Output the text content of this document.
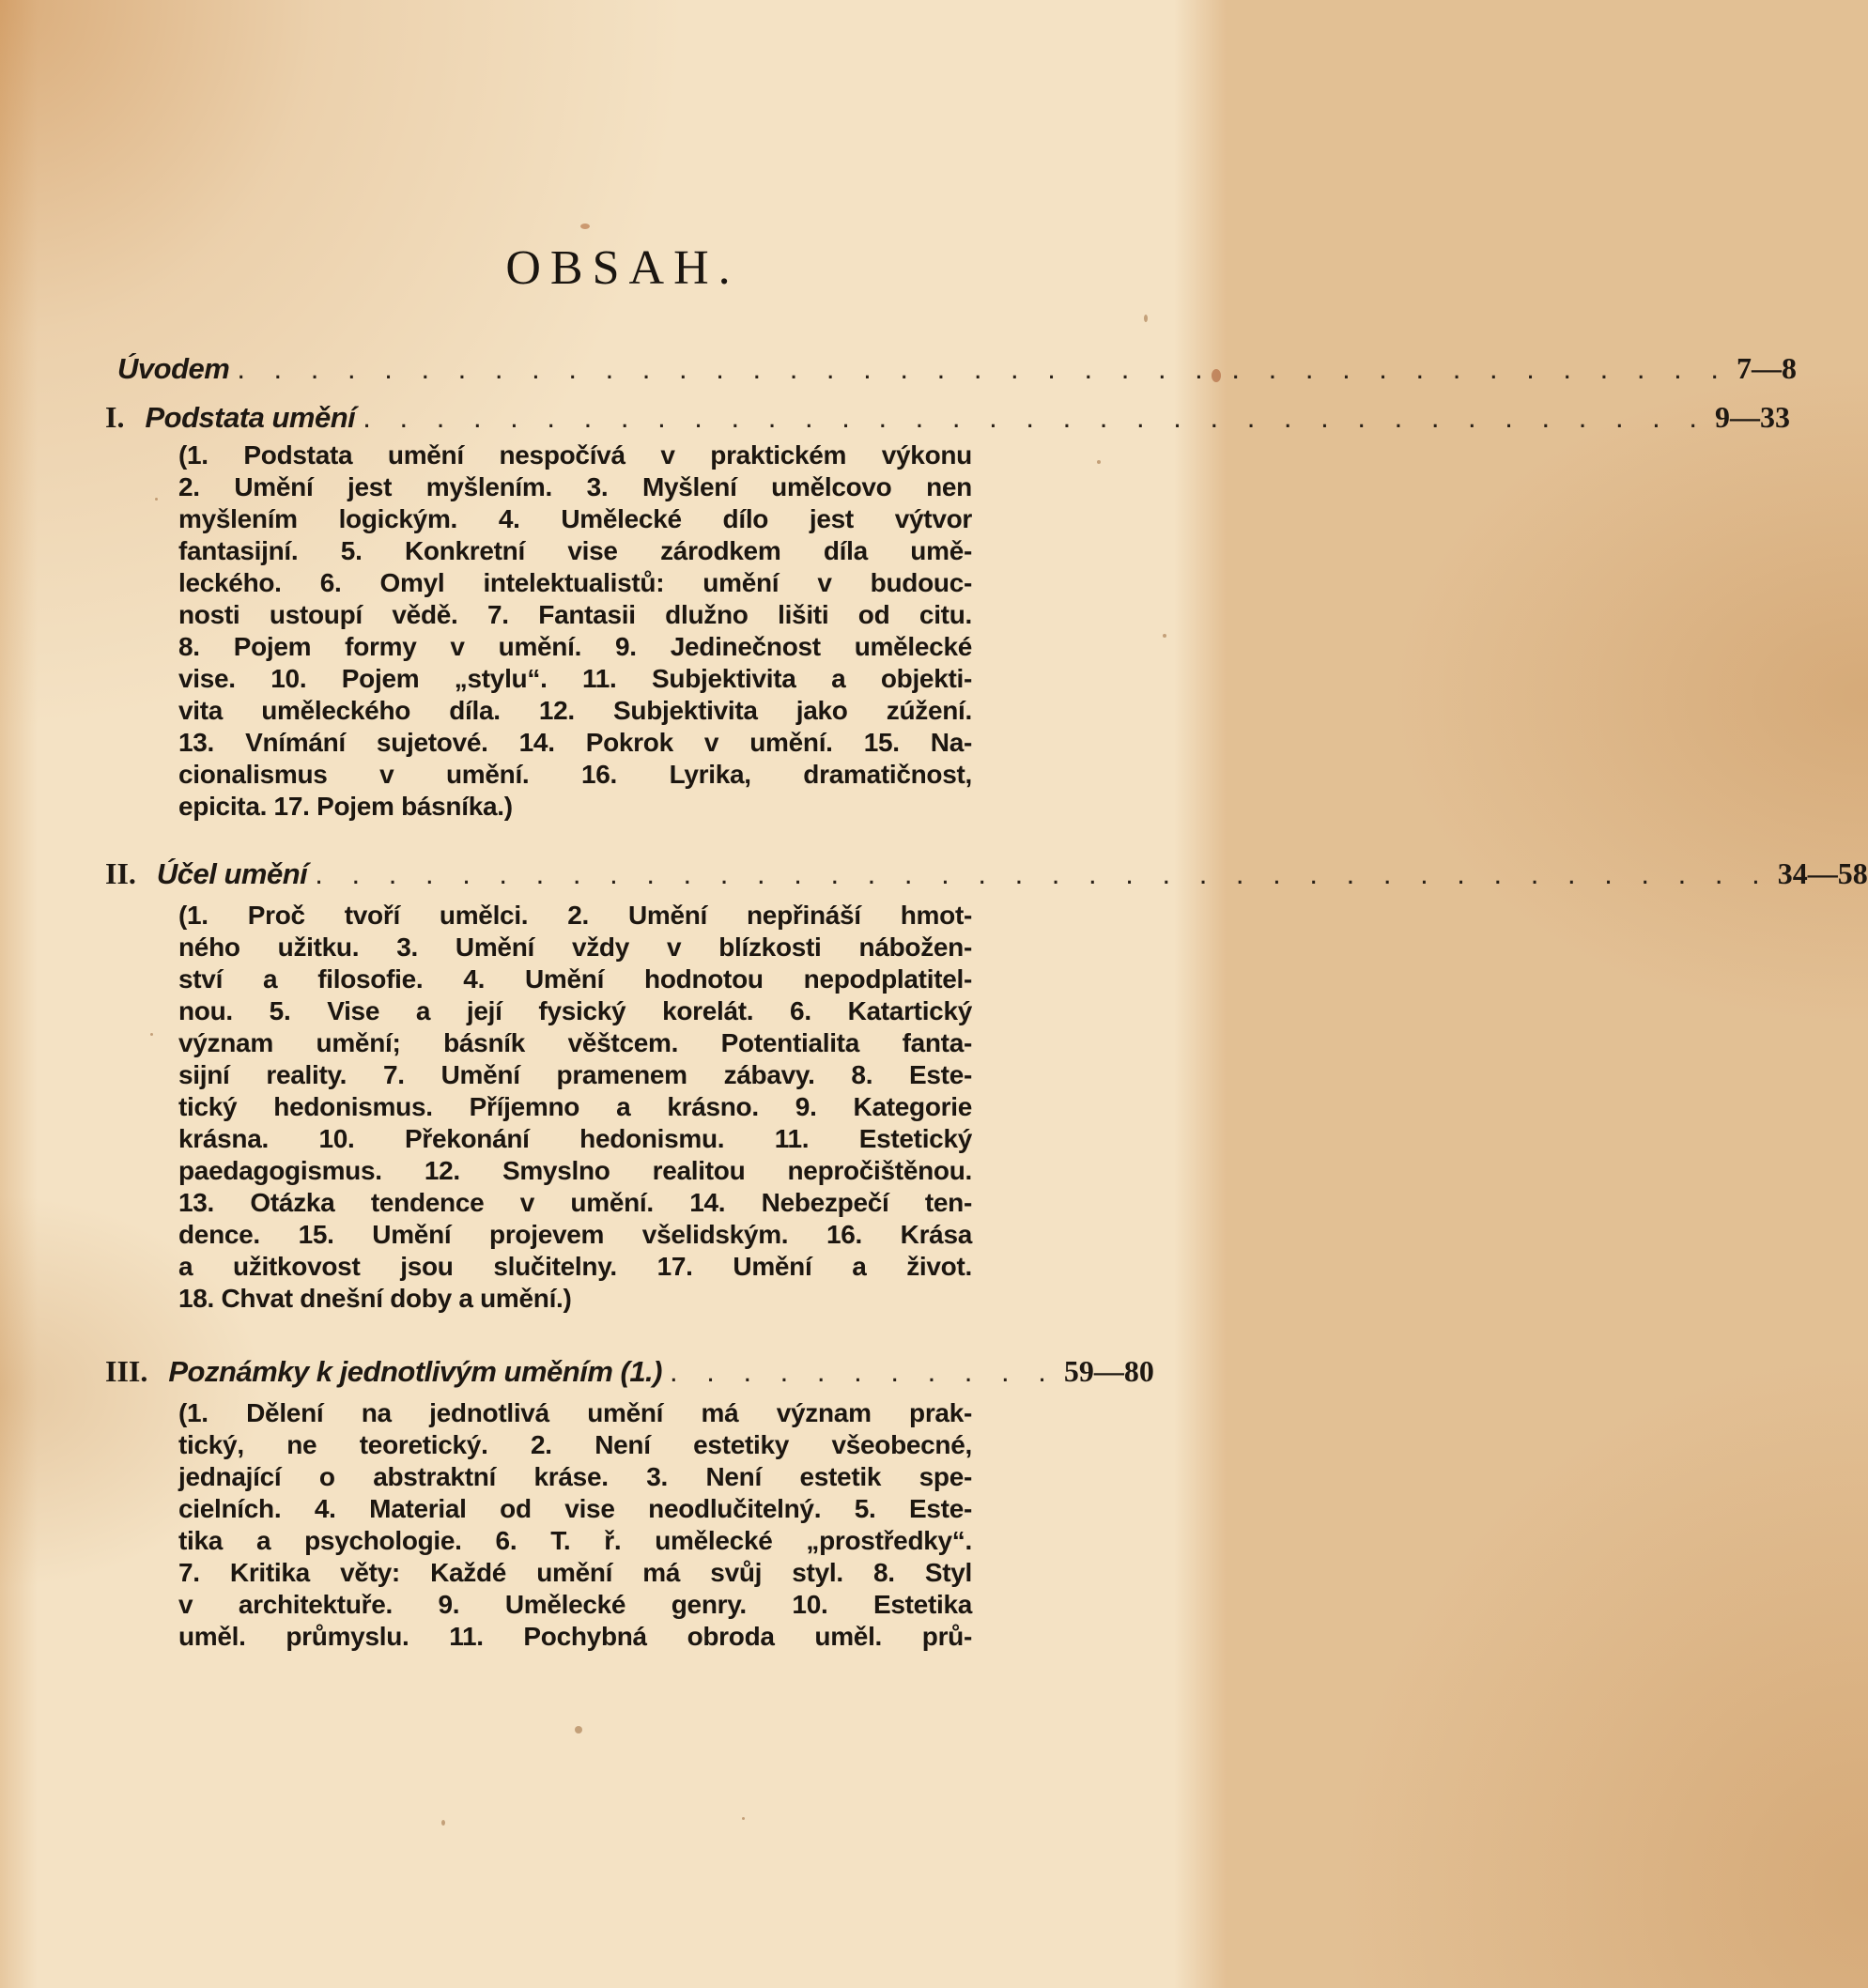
OBSAH.
Úvodem . . . . . . . . . . . . . . . . . . . . . . . . . . . . . . . . . . . . . . . . . 7—8
I. Podstata umění . . . . . . . . . . . . . . . . . . . . . . . . . . . . . . . . . . . . . 9—33
(1. Podstata umění nespočívá v praktickém výkonu
2. Umění jest myšlením. 3. Myšlení umělcovo nen
myšlením logickým. 4. Umělecké dílo jest výtvor
fantasijní. 5. Konkretní vise zárodkem díla umě-
leckého. 6. Omyl intelektualistů: umění v budouc-
nosti ustoupí vědě. 7. Fantasii dlužno lišiti od citu.
8. Pojem formy v umění. 9. Jedinečnost umělecké
vise. 10. Pojem „stylu“. 11. Subjektivita a objekti-
vita uměleckého díla. 12. Subjektivita jako zúžení.
13. Vnímání sujetové. 14. Pokrok v umění. 15. Na-
cionalismus v umění. 16. Lyrika, dramatičnost,
epicita. 17. Pojem básníka.)
II. Účel umění . . . . . . . . . . . . . . . . . . . . . . . . . . . . . . . . . . . . . . . . 34—58
(1. Proč tvoří umělci. 2. Umění nepřináší hmot-
ného užitku. 3. Umění vždy v blízkosti nábožen-
ství a filosofie. 4. Umění hodnotou nepodplatitel-
nou. 5. Vise a její fysický korelát. 6. Katartický
význam umění; básník věštcem. Potentialita fanta-
sijní reality. 7. Umění pramenem zábavy. 8. Este-
tický hedonismus. Příjemno a krásno. 9. Kategorie
krásna. 10. Překonání hedonismu. 11. Estetický
paedagogismus. 12. Smyslno realitou nepročištěnou.
13. Otázka tendence v umění. 14. Nebezpečí ten-
dence. 15. Umění projevem všelidským. 16. Krása
a užitkovost jsou slučitelny. 17. Umění a život.
18. Chvat dnešní doby a umění.)
III. Poznámky k jednotlivým uměním (1.) . . . . . . . . . . . 59—80
(1. Dělení na jednotlivá umění má význam prak-
tický, ne teoretický. 2. Není estetiky všeobecné,
jednající o abstraktní kráse. 3. Není estetik spe-
cielních. 4. Material od vise neodlučitelný. 5. Este-
tika a psychologie. 6. T. ř. umělecké „prostředky“.
7. Kritika věty: Každé umění má svůj styl. 8. Styl
v architektuře. 9. Umělecké genry. 10. Estetika
uměl. průmyslu. 11. Pochybná obroda uměl. prů-
